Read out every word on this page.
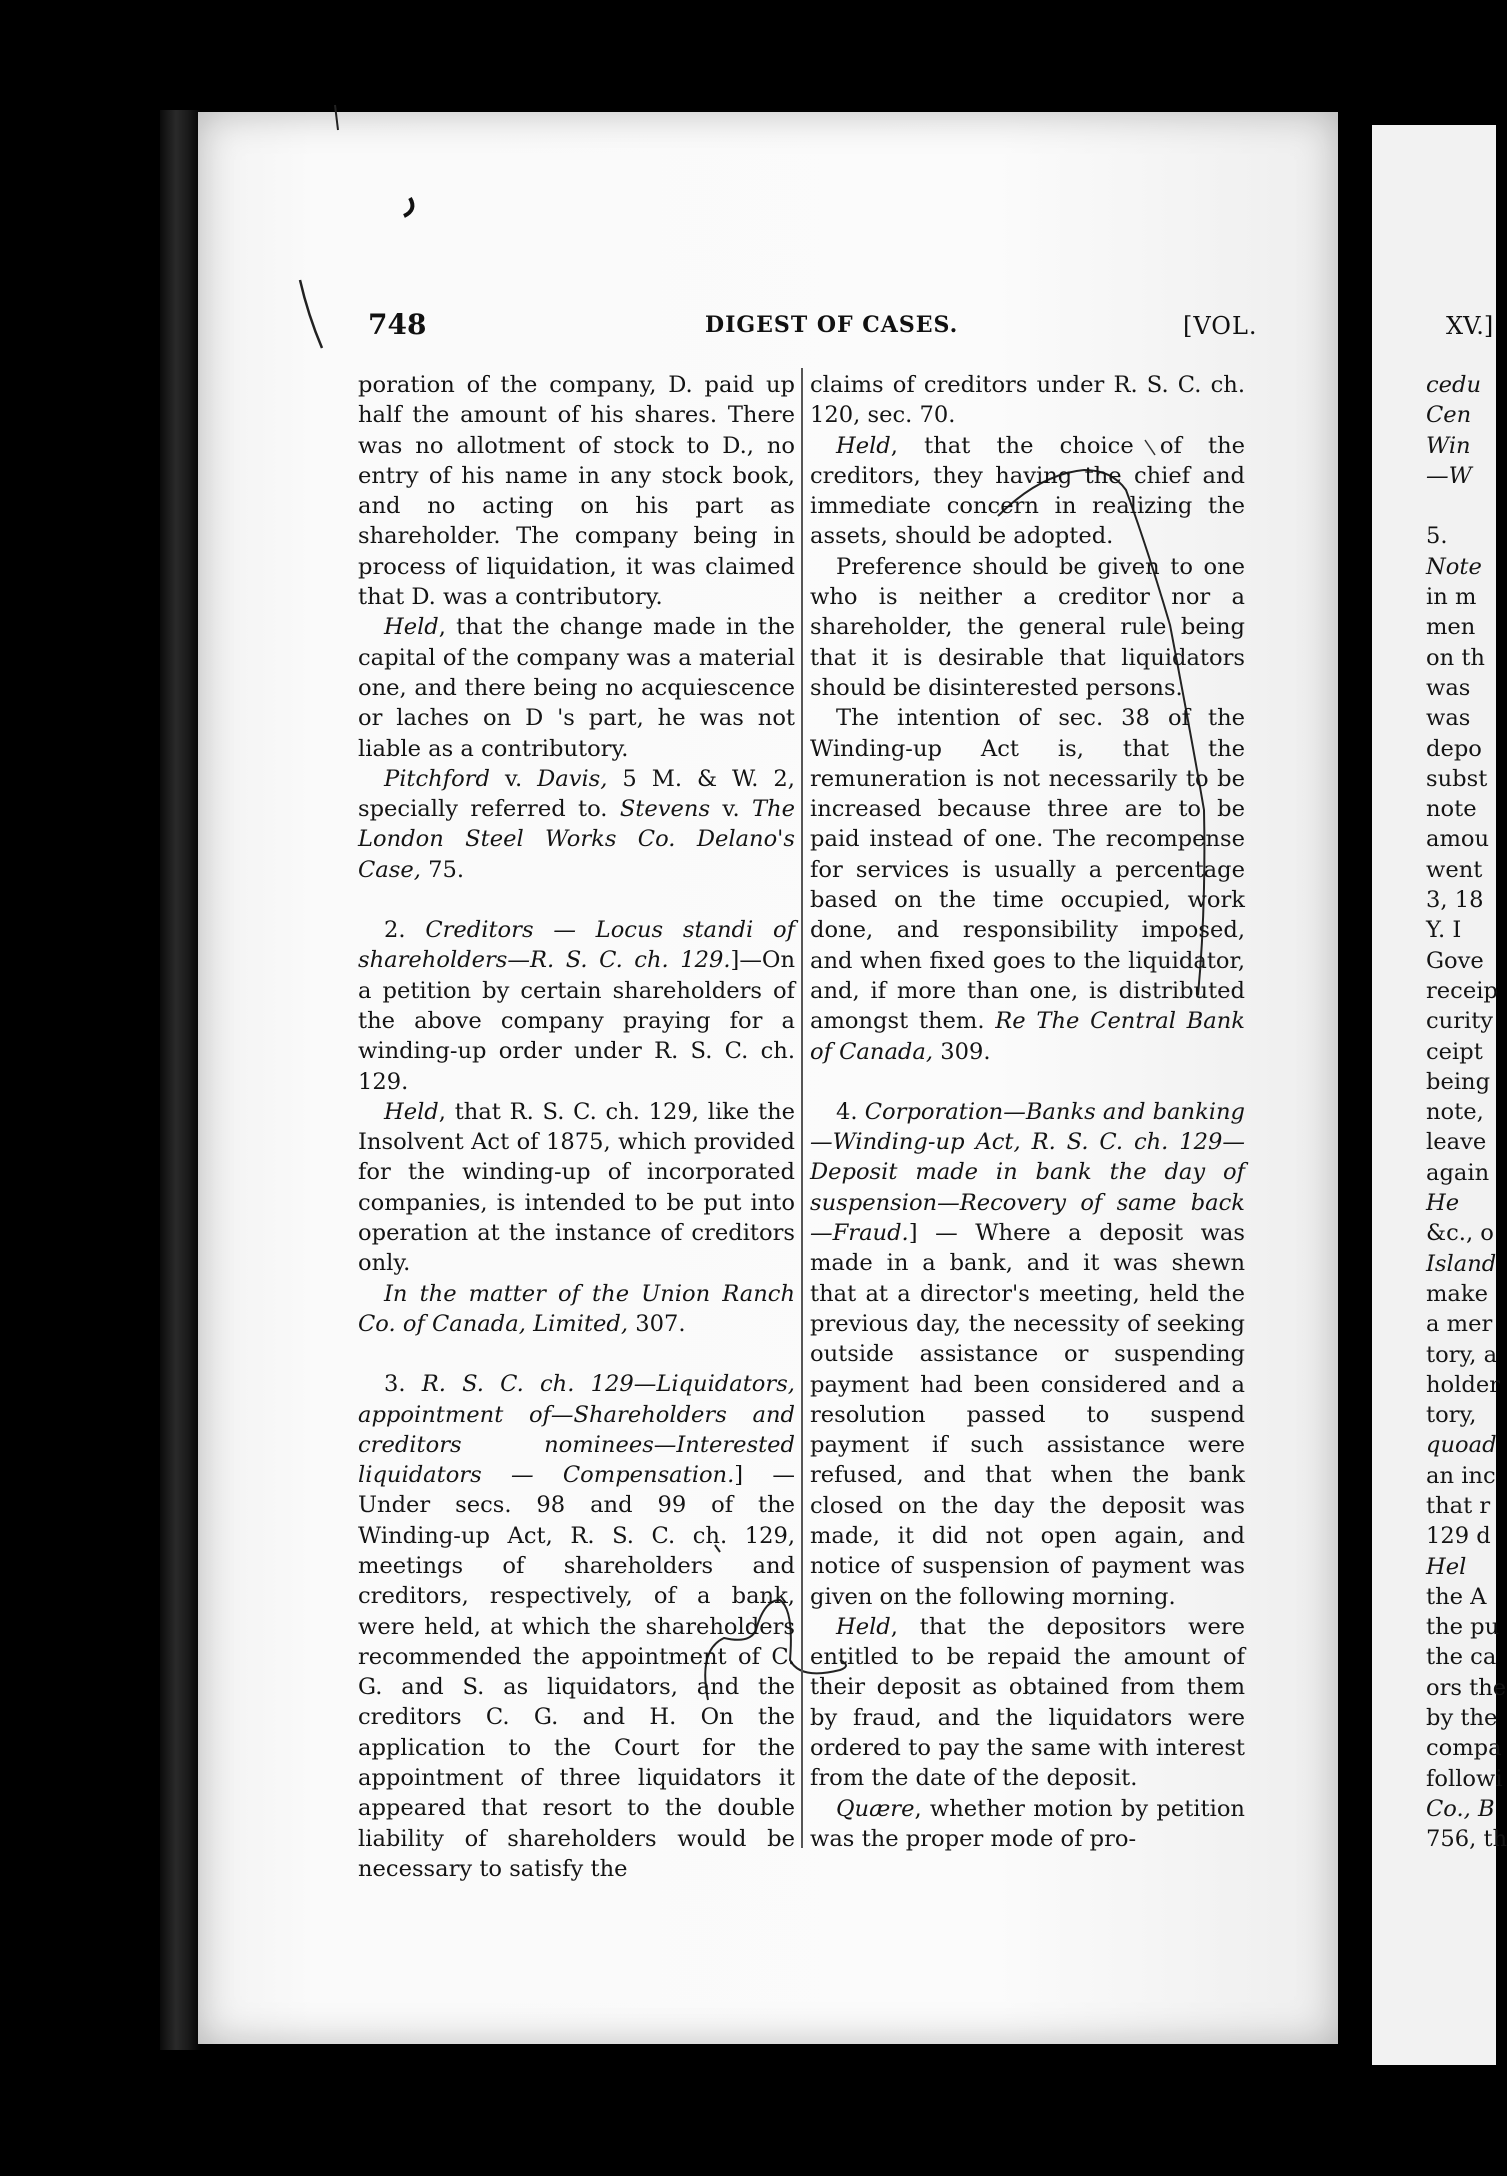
748	DIGEST OF CASES.	[VOL.	XV.]

poration of the company, D. paid up half the amount of his shares. There was no allotment of stock to D., no entry of his name in any stock book, and no acting on his part as shareholder. The company being in process of liquidation, it was claimed that D. was a contributory.

Held, that the change made in the capital of the company was a material one, and there being no acquiescence or laches on D 's part, he was not liable as a contributory.

Pitchford v. Davis, 5 M. & W. 2, specially referred to. Stevens v. The London Steel Works Co. Delano's Case, 75.

2. Creditors — Locus standi of shareholders—R. S. C. ch. 129.]—On a petition by certain shareholders of the above company praying for a winding-up order under R. S. C. ch. 129.

Held, that R. S. C. ch. 129, like the Insolvent Act of 1875, which provided for the winding-up of incorporated companies, is intended to be put into operation at the instance of creditors only.

In the matter of the Union Ranch Co. of Canada, Limited, 307.

3. R. S. C. ch. 129—Liquidators, appointment of—Shareholders and creditors nominees—Interested liquidators — Compensation.] — Under secs. 98 and 99 of the Winding-up Act, R. S. C. ch. 129, meetings of shareholders and creditors, respectively, of a bank, were held, at which the shareholders recommended the appointment of C. G. and S. as liquidators, and the creditors C. G. and H. On the application to the Court for the appointment of three liquidators it appeared that resort to the double liability of shareholders would be necessary to satisfy the

claims of creditors under R. S. C. ch. 120, sec. 70.

Held, that the choice of the creditors, they having the chief and immediate concern in realizing the assets, should be adopted.

Preference should be given to one who is neither a creditor nor a shareholder, the general rule being that it is desirable that liquidators should be disinterested persons.

The intention of sec. 38 of the Winding-up Act is, that the remuneration is not necessarily to be increased because three are to be paid instead of one. The recompense for services is usually a percentage based on the time occupied, work done, and responsibility imposed, and when fixed goes to the liquidator, and, if more than one, is distributed amongst them. Re The Central Bank of Canada, 309.

4. Corporation—Banks and banking—Winding-up Act, R. S. C. ch. 129—Deposit made in bank the day of suspension—Recovery of same back—Fraud.] — Where a deposit was made in a bank, and it was shewn that at a director's meeting, held the previous day, the necessity of seeking outside assistance or suspending payment had been considered and a resolution passed to suspend payment if such assistance were refused, and that when the bank closed on the day the deposit was made, it did not open again, and notice of suspension of payment was given on the following morning.

Held, that the depositors were entitled to be repaid the amount of their deposit as obtained from them by fraud, and the liquidators were ordered to pay the same with interest from the date of the deposit.

Quære, whether motion by petition was the proper mode of pro-

cedu
Cen
Win
—W
5.
Note
in m
men
on th
was
was
depo
subst
note
amou
went
3, 18
Y. I
Gove
receip
curity
ceipt
being
note,
leave
again
He
&c., o
Island
make
a mer
tory, a
holder
tory,
quoad
an inc
that r
129 d
Hel
the A
the pu
the ca
ors the
by the
compa
followi
Co., B
756, th
